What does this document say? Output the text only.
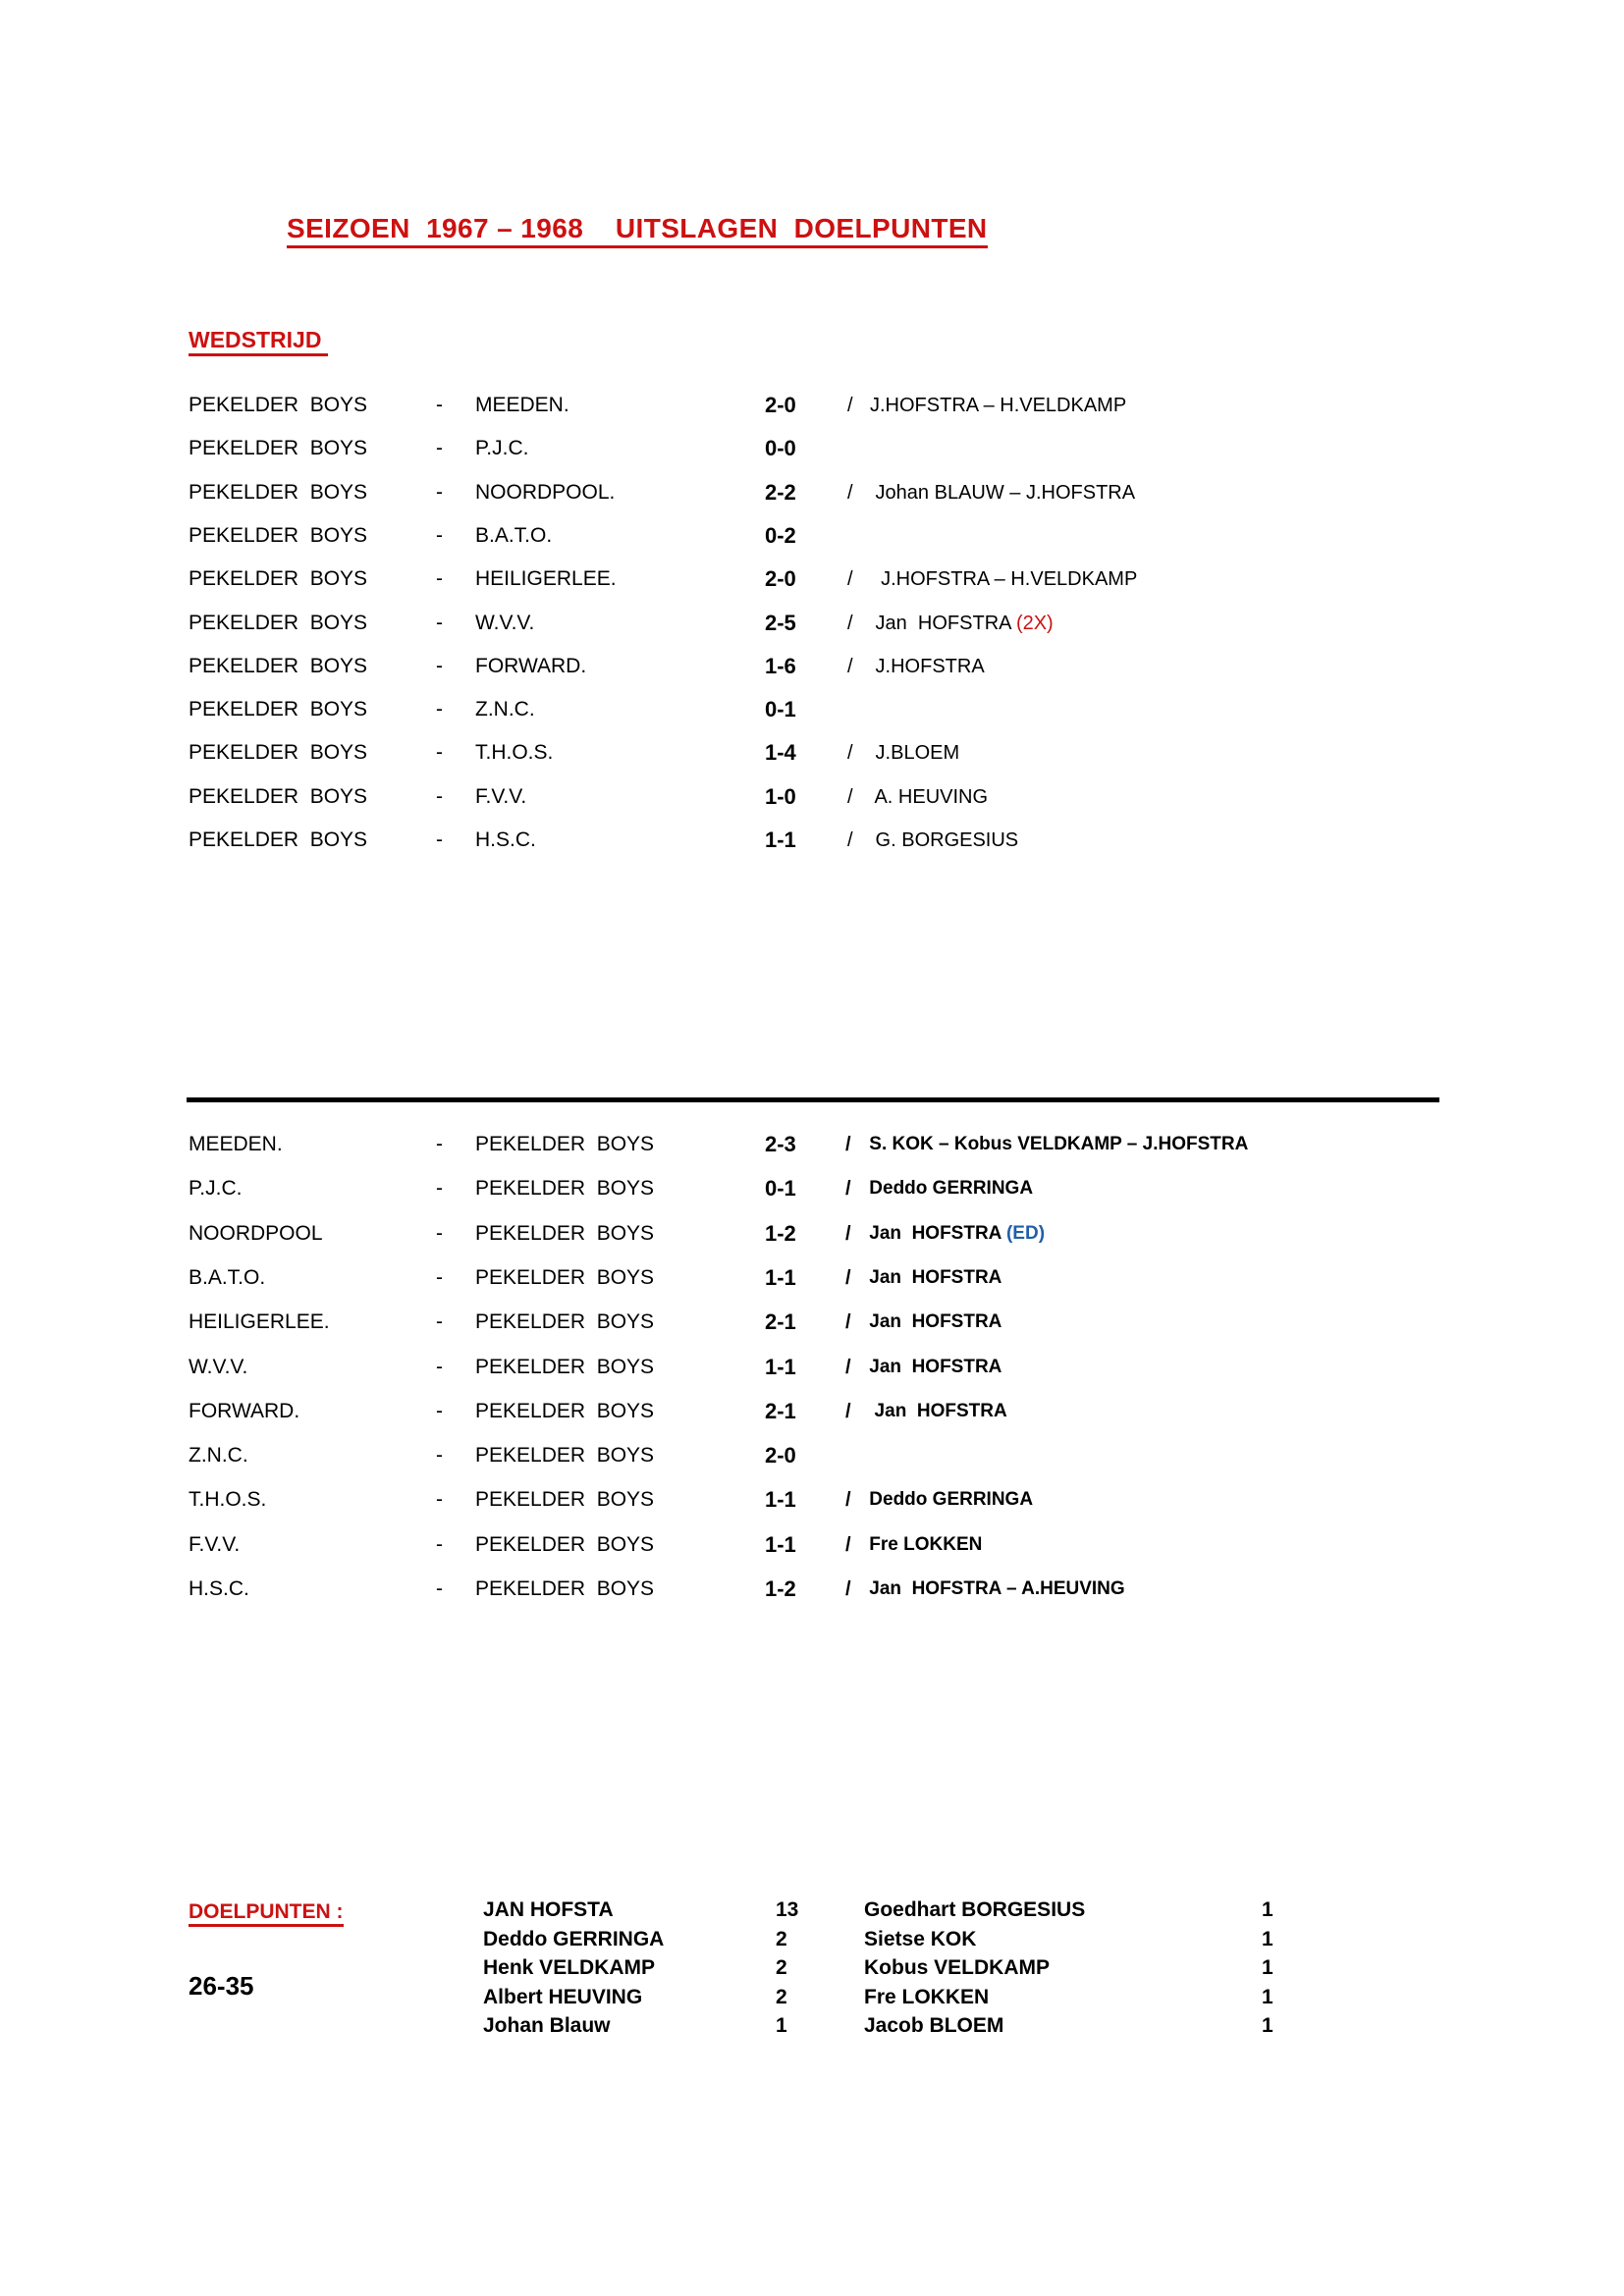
SEIZOEN  1967 – 1968    UITSLAGEN  DOELPUNTEN
WEDSTRIJD
PEKELDER  BOYS	- MEEDEN.	2-0	/ J.HOFSTRA – H.VELDKAMP
PEKELDER  BOYS	- P.J.C.	0-0
PEKELDER  BOYS	- NOORDPOOL.	2-2	/ Johan BLAUW – J.HOFSTRA
PEKELDER  BOYS	- B.A.T.O.	0-2
PEKELDER  BOYS	- HEILIGERLEE.	2-0	/ J.HOFSTRA – H.VELDKAMP
PEKELDER  BOYS	- W.V.V.	2-5	/ Jan  HOFSTRA (2X)
PEKELDER  BOYS	- FORWARD.	1-6	/ J.HOFSTRA
PEKELDER  BOYS	- Z.N.C.	0-1
PEKELDER  BOYS	- T.H.O.S.	1-4	/ J.BLOEM
PEKELDER  BOYS	- F.V.V.	1-0	/ A. HEUVING
PEKELDER  BOYS	- H.S.C.	1-1	/ G. BORGESIUS
MEEDEN.	- PEKELDER  BOYS	2-3	/ S. KOK – Kobus VELDKAMP – J.HOFSTRA
P.J.C.	- PEKELDER  BOYS	0-1	/ Deddo GERRINGA
NOORDPOOL	- PEKELDER  BOYS	1-2	/ Jan  HOFSTRA (ED)
B.A.T.O.	- PEKELDER  BOYS	1-1	/ Jan  HOFSTRA
HEILIGERLEE.	- PEKELDER  BOYS	2-1	/ Jan  HOFSTRA
W.V.V.	- PEKELDER  BOYS	1-1	/ Jan  HOFSTRA
FORWARD.	- PEKELDER  BOYS	2-1	/ Jan  HOFSTRA
Z.N.C.	- PEKELDER  BOYS	2-0
T.H.O.S.	- PEKELDER  BOYS	1-1	/ Deddo GERRINGA
F.V.V.	- PEKELDER  BOYS	1-1	/ Fre LOKKEN
H.S.C.	- PEKELDER  BOYS	1-2	/ Jan  HOFSTRA – A.HEUVING
DOELPUNTEN :
26-35
JAN HOFSTA	13	Goedhart BORGESIUS	1
Deddo GERRINGA	2	Sietse KOK	1
Henk VELDKAMP	2	Kobus VELDKAMP	1
Albert HEUVING	2	Fre LOKKEN	1
Johan Blauw	1	Jacob BLOEM	1
